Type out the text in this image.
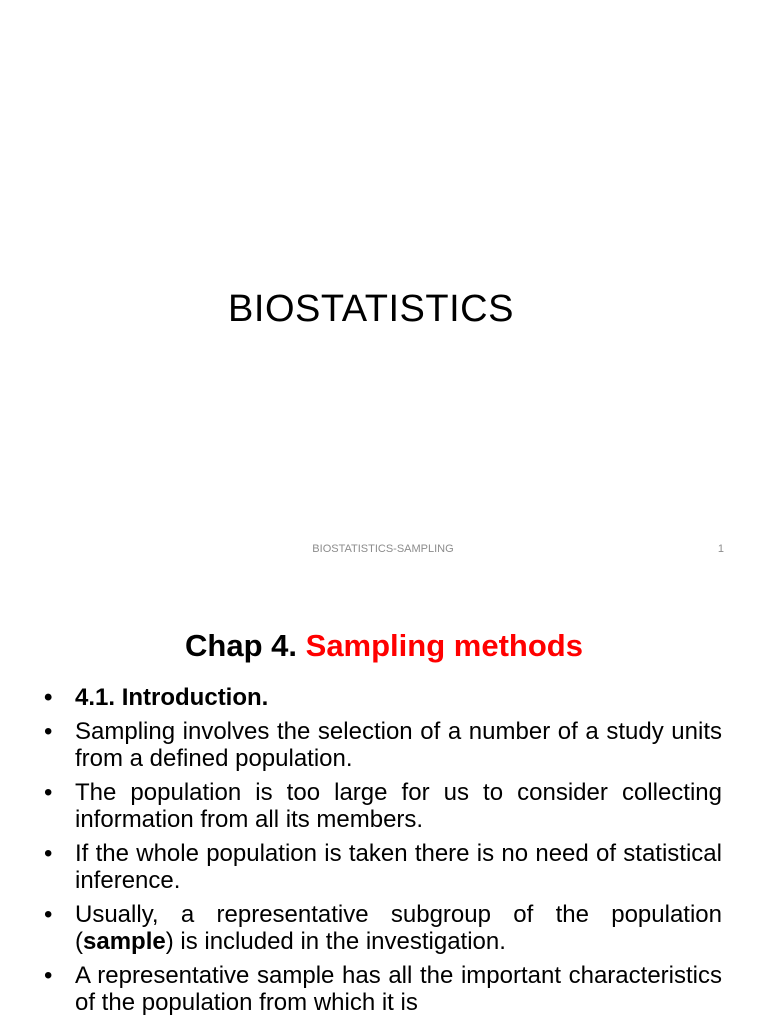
BIOSTATISTICS
BIOSTATISTICS-SAMPLING	1
Chap 4. Sampling methods
• 4.1. Introduction.
• Sampling involves the selection of a number of a study units from a defined population.
• The population is too large for us to consider collecting information from all its members.
• If the whole population is taken there is no need of statistical inference.
• Usually, a representative subgroup of the population (sample) is included in the investigation.
• A representative sample has all the important characteristics of the population from which it is
